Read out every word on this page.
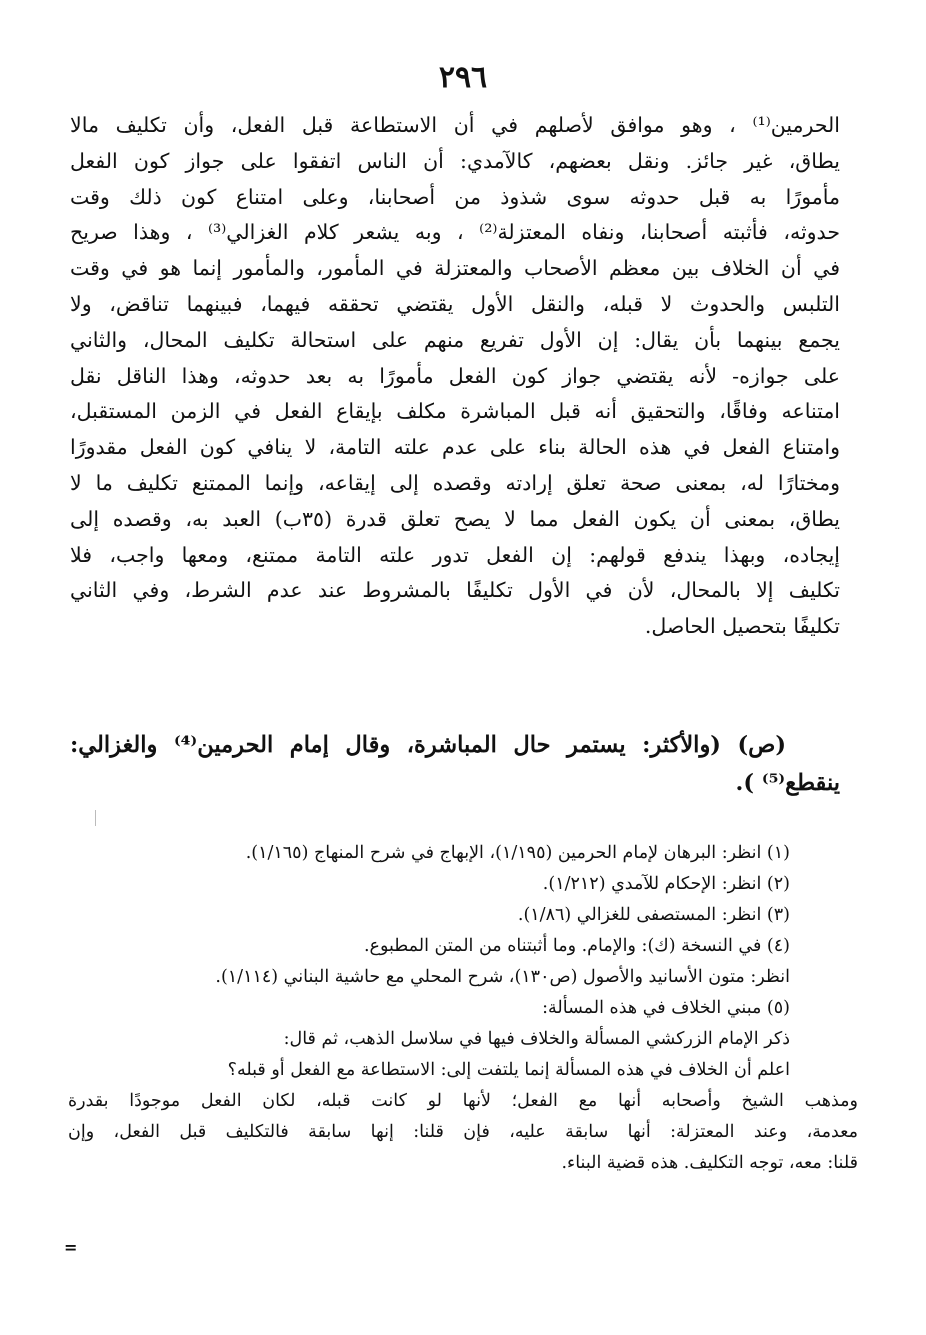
٢٩٦
الحرمين⁽¹⁾ ، وهو موافق لأصلهم في أن الاستطاعة قبل الفعل، وأن تكليف مالا
يطاق، غير جائز. ونقل بعضهم، كالآمدي: أن الناس اتفقوا على جواز كون الفعل
مأمورًا به قبل حدوثه سوى شذوذ من أصحابنا، وعلى امتناع كون ذلك وقت
حدوثه، فأثبته أصحابنا، ونفاه المعتزلة⁽²⁾ ، وبه يشعر كلام الغزالي⁽³⁾ ، وهذا صريح
في أن الخلاف بين معظم الأصحاب والمعتزلة في المأمور، والمأمور إنما هو في وقت
التلبس والحدوث لا قبله، والنقل الأول يقتضي تحققه فيهما، فبينهما تناقض، ولا
يجمع بينهما بأن يقال: إن الأول تفريع منهم على استحالة تكليف المحال، والثاني
على جوازه- لأنه يقتضي جواز كون الفعل مأمورًا به بعد حدوثه، وهذا الناقل نقل
امتناعه وفاقًا، والتحقيق أنه قبل المباشرة مكلف بإيقاع الفعل في الزمن المستقبل،
وامتناع الفعل في هذه الحالة بناء على عدم علته التامة، لا ينافي كون الفعل مقدورًا
ومختارًا له، بمعنى صحة تعلق إرادته وقصده إلى إيقاعه، وإنما الممتنع تكليف ما لا
يطاق، بمعنى أن يكون الفعل مما لا يصح تعلق قدرة (٣٥ب) العبد به، وقصده إلى
إيجاده، وبهذا يندفع قولهم: إن الفعل تدور علته التامة ممتنع، ومعها واجب، فلا
تكليف إلا بالمحال، لأن في الأول تكليفًا بالمشروط عند عدم الشرط، وفي الثاني
تكليفًا بتحصيل الحاصل.
(ص) (والأكثر: يستمر حال المباشرة، وقال إمام الحرمين⁽⁴⁾ والغزالي:
ينقطع⁽⁵⁾ ).
(١) انظر: البرهان لإمام الحرمين (١/١٩٥)، الإبهاج في شرح المنهاج (١/١٦٥).
(٢) انظر: الإحكام للآمدي (١/٢١٢).
(٣) انظر: المستصفى للغزالي (١/٨٦).
(٤) في النسخة (ك): والإمام. وما أثبتناه من المتن المطبوع.
انظر: متون الأسانيد والأصول (ص١٣٠)، شرح المحلي مع حاشية البناني (١/١١٤).
(٥) مبني الخلاف في هذه المسألة:
ذكر الإمام الزركشي المسألة والخلاف فيها في سلاسل الذهب، ثم قال:
اعلم أن الخلاف في هذه المسألة إنما يلتفت إلى: الاستطاعة مع الفعل أو قبله؟
ومذهب الشيخ وأصحابه أنها مع الفعل؛ لأنها لو كانت قبله، لكان الفعل موجودًا بقدرة
معدمة، وعند المعتزلة: أنها سابقة عليه، فإن قلنا: إنها سابقة فالتكليف قبل الفعل، وإن
قلنا: معه، توجه التكليف. هذه قضية البناء.
=
